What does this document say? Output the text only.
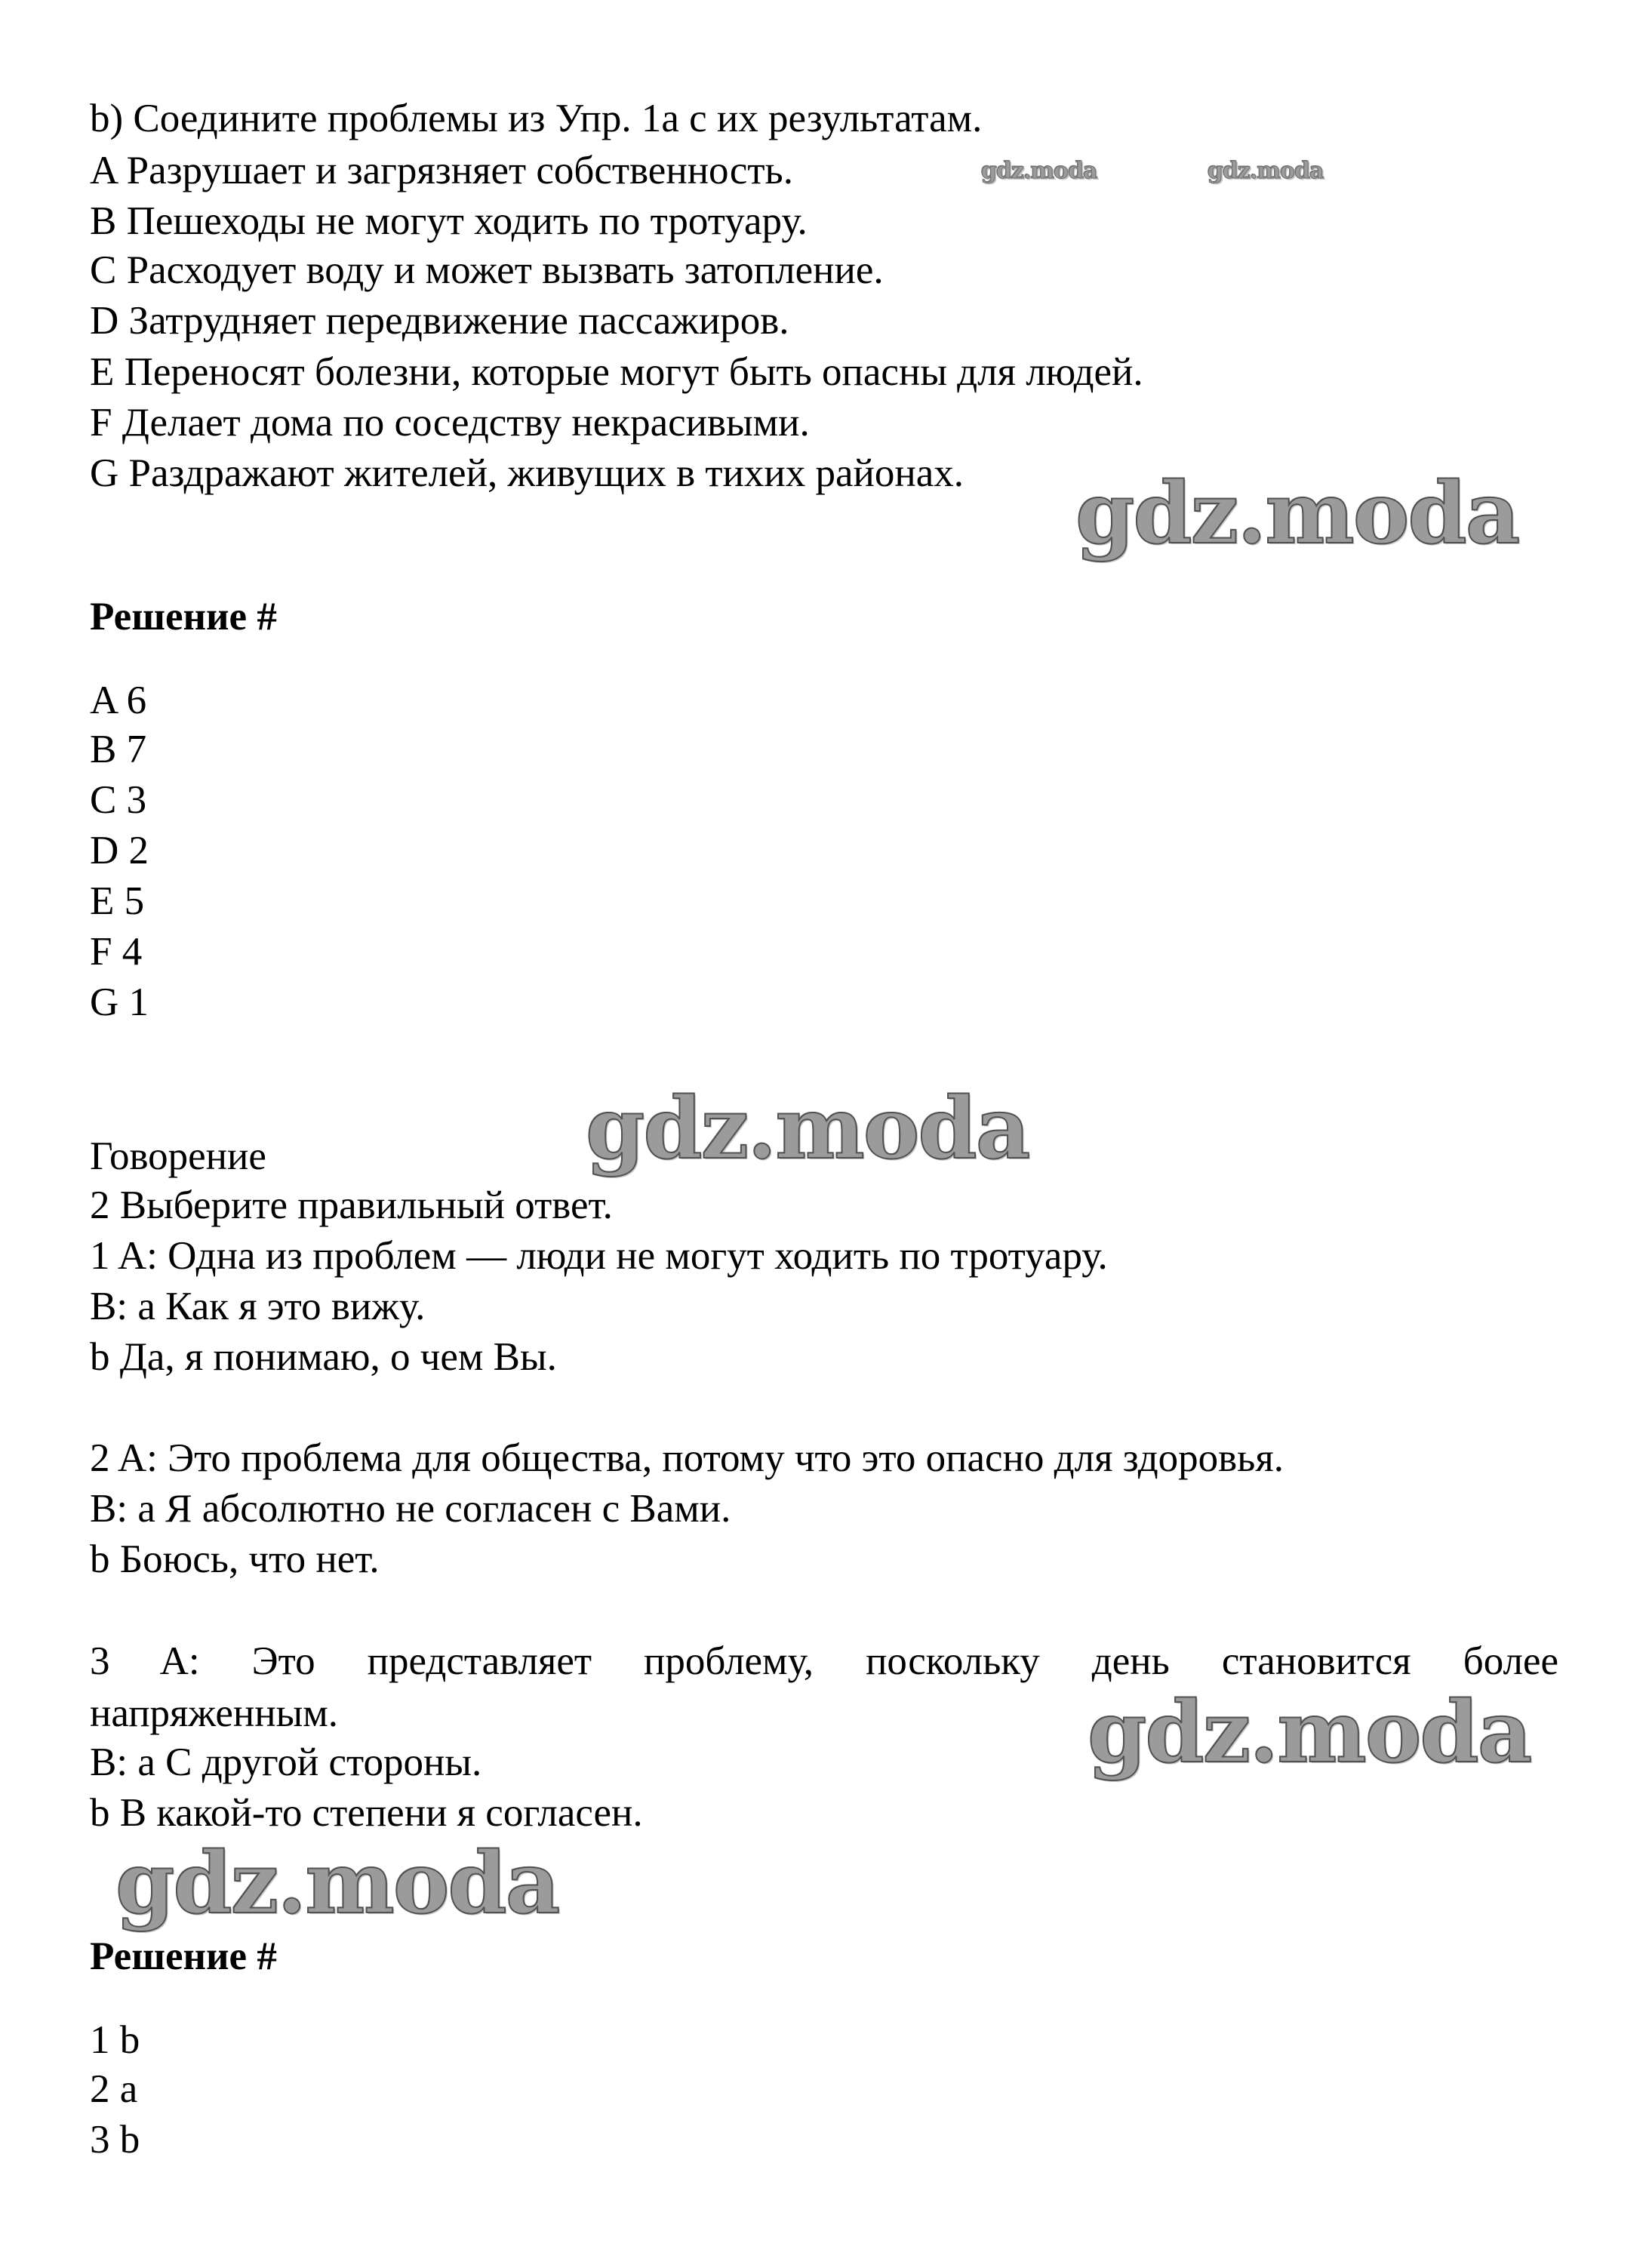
b) Соедините проблемы из Упр. 1a с их результатам.
A Разрушает и загрязняет собственность.
B Пешеходы не могут ходить по тротуару.
C Расходует воду и может вызвать затопление.
D Затрудняет передвижение пассажиров.
E Переносят болезни, которые могут быть опасны для людей.
F Делает дома по соседству некрасивыми.
G Раздражают жителей, живущих в тихих районах.
Решение #
A 6
B 7
C 3
D 2
E 5
F 4
G 1
Говорение
2 Выберите правильный ответ.
1 A: Одна из проблем — люди не могут ходить по тротуару.
B: a Как я это вижу.
b Да, я понимаю, о чем Вы.
2 A: Это проблема для общества, потому что это опасно для здоровья.
B: a Я абсолютно не согласен с Вами.
b Боюсь, что нет.
3 A: Это представляет проблему, поскольку день становится более
напряженным.
B: a С другой стороны.
b В какой-то степени я согласен.
Решение #
1 b
2 a
3 b
gdz.moda	gdz.moda
gdz.moda
gdz.moda
gdz.moda
gdz.moda
